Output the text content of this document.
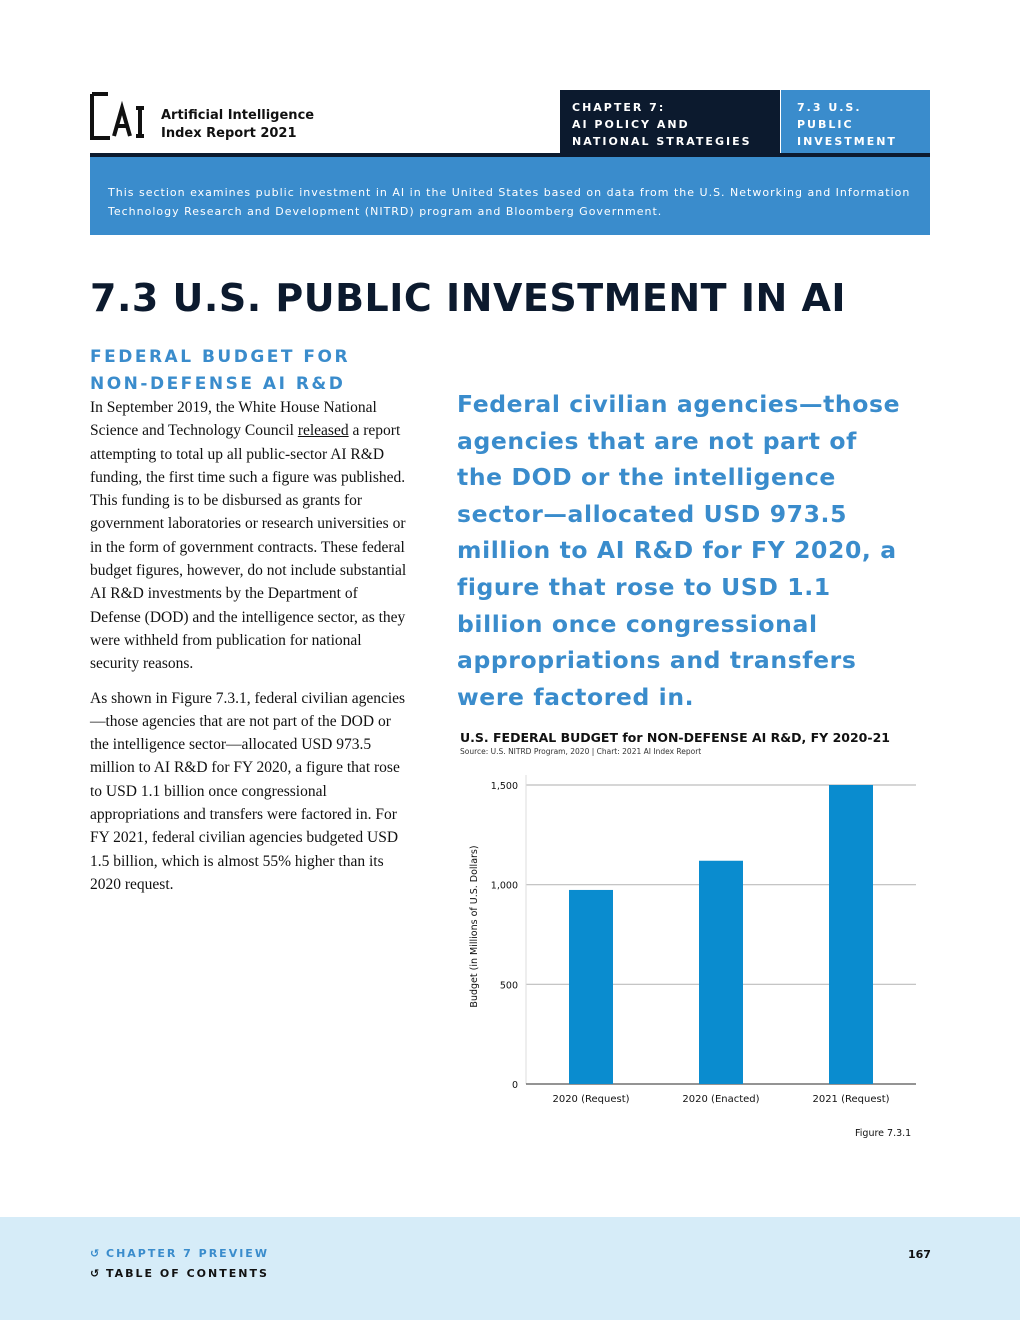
Artificial Intelligence
Index Report 2021
CHAPTER 7:
AI POLICY AND
NATIONAL STRATEGIES
7.3 U.S. PUBLIC
INVESTMENT
This section examines public investment in AI in the United States based on data from the U.S. Networking and Information
Technology Research and Development (NITRD) program and Bloomberg Government.
7.3 U.S. PUBLIC INVESTMENT IN AI
FEDERAL BUDGET FOR
NON-DEFENSE AI R&D

In September 2019, the White House National Science and Technology Council released a report attempting to total up all public-sector AI R&D funding, the first time such a figure was published. This funding is to be disbursed as grants for government laboratories or research universities or in the form of government contracts. These federal budget figures, however, do not include substantial AI R&D investments by the Department of Defense (DOD) and the intelligence sector, as they were withheld from publication for national security reasons.

As shown in Figure 7.3.1, federal civilian agencies—those agencies that are not part of the DOD or the intelligence sector—allocated USD 973.5 million to AI R&D for FY 2020, a figure that rose to USD 1.1 billion once congressional appropriations and transfers were factored in. For FY 2021, federal civilian agencies budgeted USD 1.5 billion, which is almost 55% higher than its 2020 request.

Federal civilian agencies—those agencies that are not part of the DOD or the intelligence sector—allocated USD 973.5 million to AI R&D for FY 2020, a figure that rose to USD 1.1 billion once congressional appropriations and transfers were factored in.
U.S. FEDERAL BUDGET for NON-DEFENSE AI R&D, FY 2020-21
Source: U.S. NITRD Program, 2020 | Chart: 2021 AI Index Report
0
500
1,000
1,500
2020 (Request)	2020 (Enacted)	2021 (Request)
Budget (in Millions of U.S. Dollars)
Figure 7.3.1
↺ CHAPTER 7 PREVIEW
↺ TABLE OF CONTENTS
167
